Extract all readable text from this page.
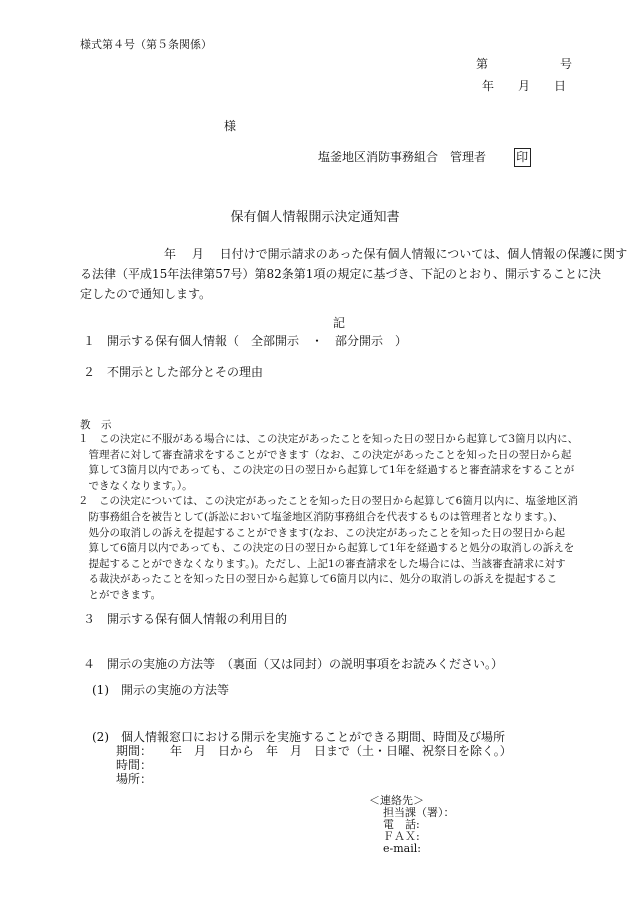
様式第４号（第５条関係）
第　　　　　　号
年　　月　　日
様
塩釜地区消防事務組合　管理者	印
保有個人情報開示決定通知書
　　　　　　　年　 月　 日付けで開示請求のあった保有個人情報については、個人情報の保護に関す
る法律（平成15年法律第57号）第82条第1項の規定に基づき、下記のとおり、開示することに決
定したので通知します。
記
１　開示する保有個人情報（　全部開示　・　部分開示　）
２　不開示とした部分とその理由
教　示
１　この決定に不服がある場合には、この決定があったことを知った日の翌日から起算して3箇月以内に、
　管理者に対して審査請求をすることができます（なお、この決定があったことを知った日の翌日から起
　算して3箇月以内であっても、この決定の日の翌日から起算して1年を経過すると審査請求をすることが
　できなくなります。）。
２　この決定については、この決定があったことを知った日の翌日から起算して6箇月以内に、塩釜地区消
　防事務組合を被告として(訴訟において塩釜地区消防事務組合を代表するものは管理者となります。)、
　処分の取消しの訴えを提起することができます(なお、この決定があったことを知った日の翌日から起
　算して6箇月以内であっても、この決定の日の翌日から起算して1年を経過すると処分の取消しの訴えを
　提起することができなくなります。)。ただし、上記1の審査請求をした場合には、当該審査請求に対す
　る裁決があったことを知った日の翌日から起算して6箇月以内に、処分の取消しの訴えを提起するこ
　とができます。
３　開示する保有個人情報の利用目的
４　開示の実施の方法等　（裏面（又は同封）の説明事項をお読みください。）
(1)　開示の実施の方法等
(2)　個人情報窓口における開示を実施することができる期間、時間及び場所
期間：　　年　月　日から　年　月　日まで（土・日曜、祝祭日を除く。）
時間：
場所：
＜連絡先＞
担当課（署）：
電　話:
ＦＡＸ:
e-mail:
